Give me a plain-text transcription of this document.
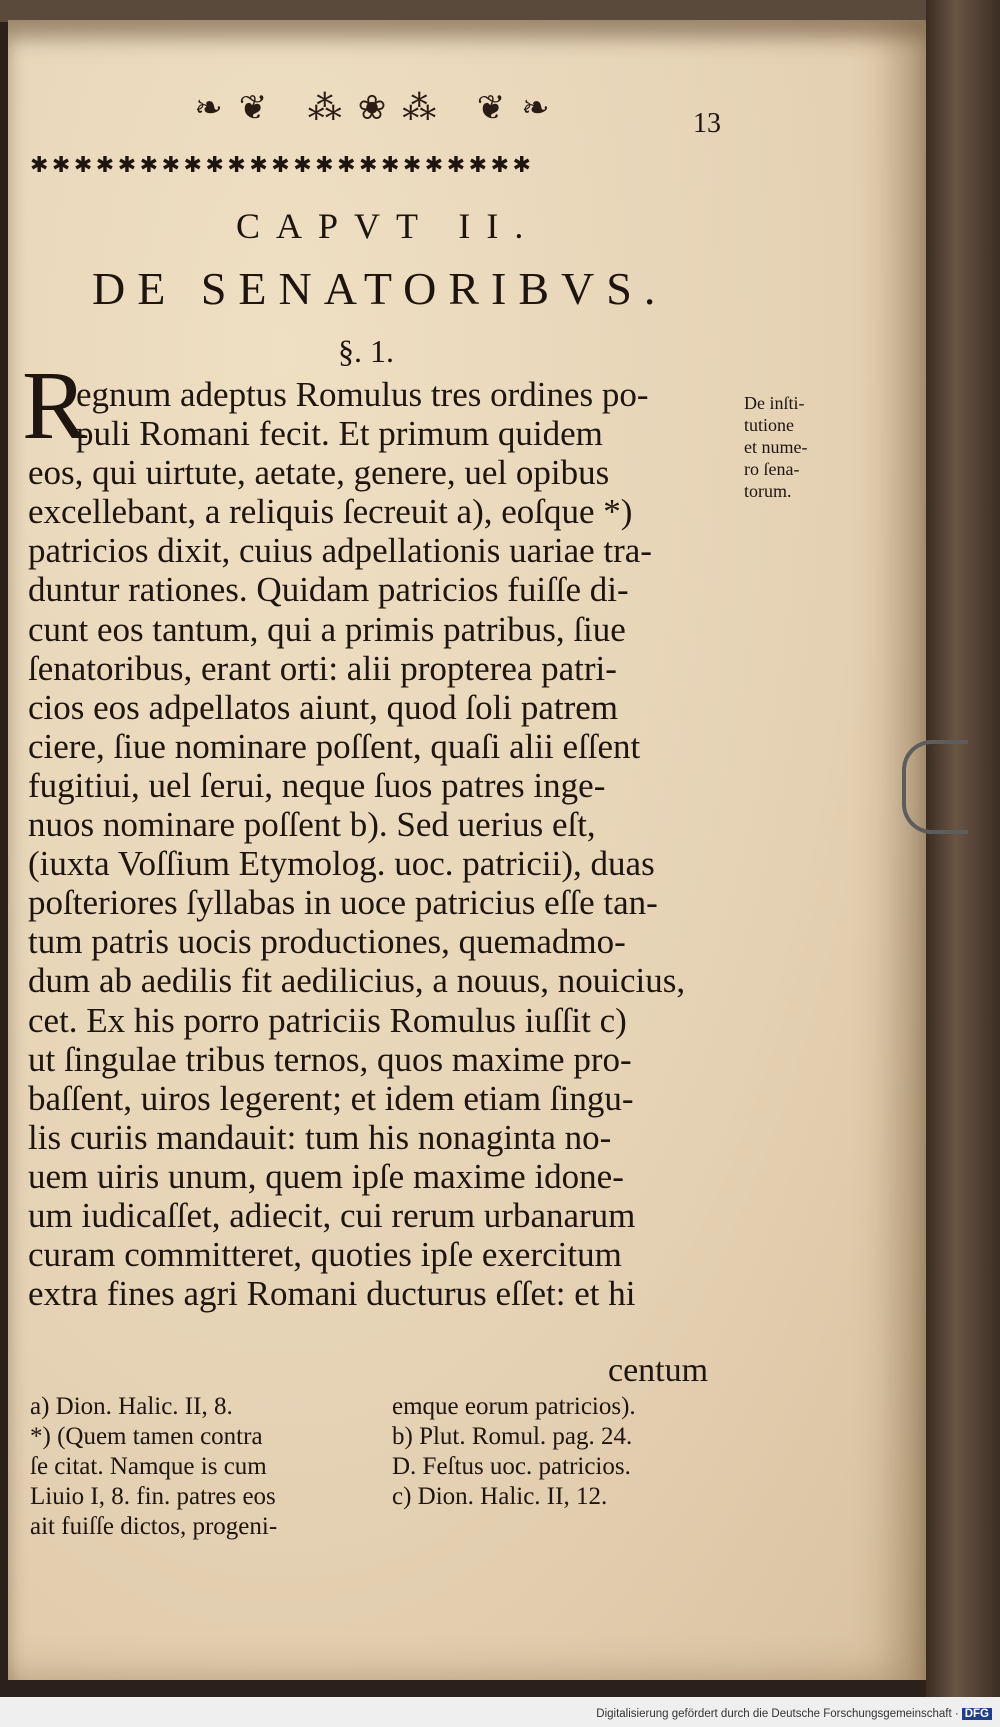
❧❦ ⁂❀⁂ ❦❧	13
✱✱✱✱✱✱✱✱✱✱✱✱✱✱✱✱✱✱✱✱✱✱✱
CAPVT II.
DE SENATORIBVS.
§. 1.
R
egnum adeptus Romulus tres ordines po-
puli Romani fecit. Et primum quidem
eos, qui uirtute, aetate, genere, uel opibus
excellebant, a reliquis ſecreuit a), eoſque *)
patricios dixit, cuius adpellationis uariae tra-
duntur rationes. Quidam patricios fuiſſe di-
cunt eos tantum, qui a primis patribus, ſiue
ſenatoribus, erant orti: alii propterea patri-
cios eos adpellatos aiunt, quod ſoli patrem
ciere, ſiue nominare poſſent, quaſi alii eſſent
fugitiui, uel ſerui, neque ſuos patres inge-
nuos nominare poſſent b). Sed uerius eſt,
(iuxta Voſſium Etymolog. uoc. patricii), duas
poſteriores ſyllabas in uoce patricius eſſe tan-
tum patris uocis productiones, quemadmo-
dum ab aedilis fit aedilicius, a nouus, nouicius,
cet. Ex his porro patriciis Romulus iuſſit c)
ut ſingulae tribus ternos, quos maxime pro-
baſſent, uiros legerent; et idem etiam ſingu-
lis curiis mandauit: tum his nonaginta no-
uem uiris unum, quem ipſe maxime idone-
um iudicaſſet, adiecit, cui rerum urbanarum
curam committeret, quoties ipſe exercitum
extra fines agri Romani ducturus eſſet: et hi
De inſti-
tutione
et nume-
ro ſena-
torum.
centum
a) Dion. Halic. II, 8.
*) (Quem tamen contra
ſe citat. Namque is cum
Liuio I, 8. fin. patres eos
ait fuiſſe dictos, progeni-
emque eorum patricios).
b) Plut. Romul. pag. 24.
D. Feſtus uoc. patricios.
c) Dion. Halic. II, 12.
Digitalisierung gefördert durch die Deutsche Forschungsgemeinschaft · DFG
